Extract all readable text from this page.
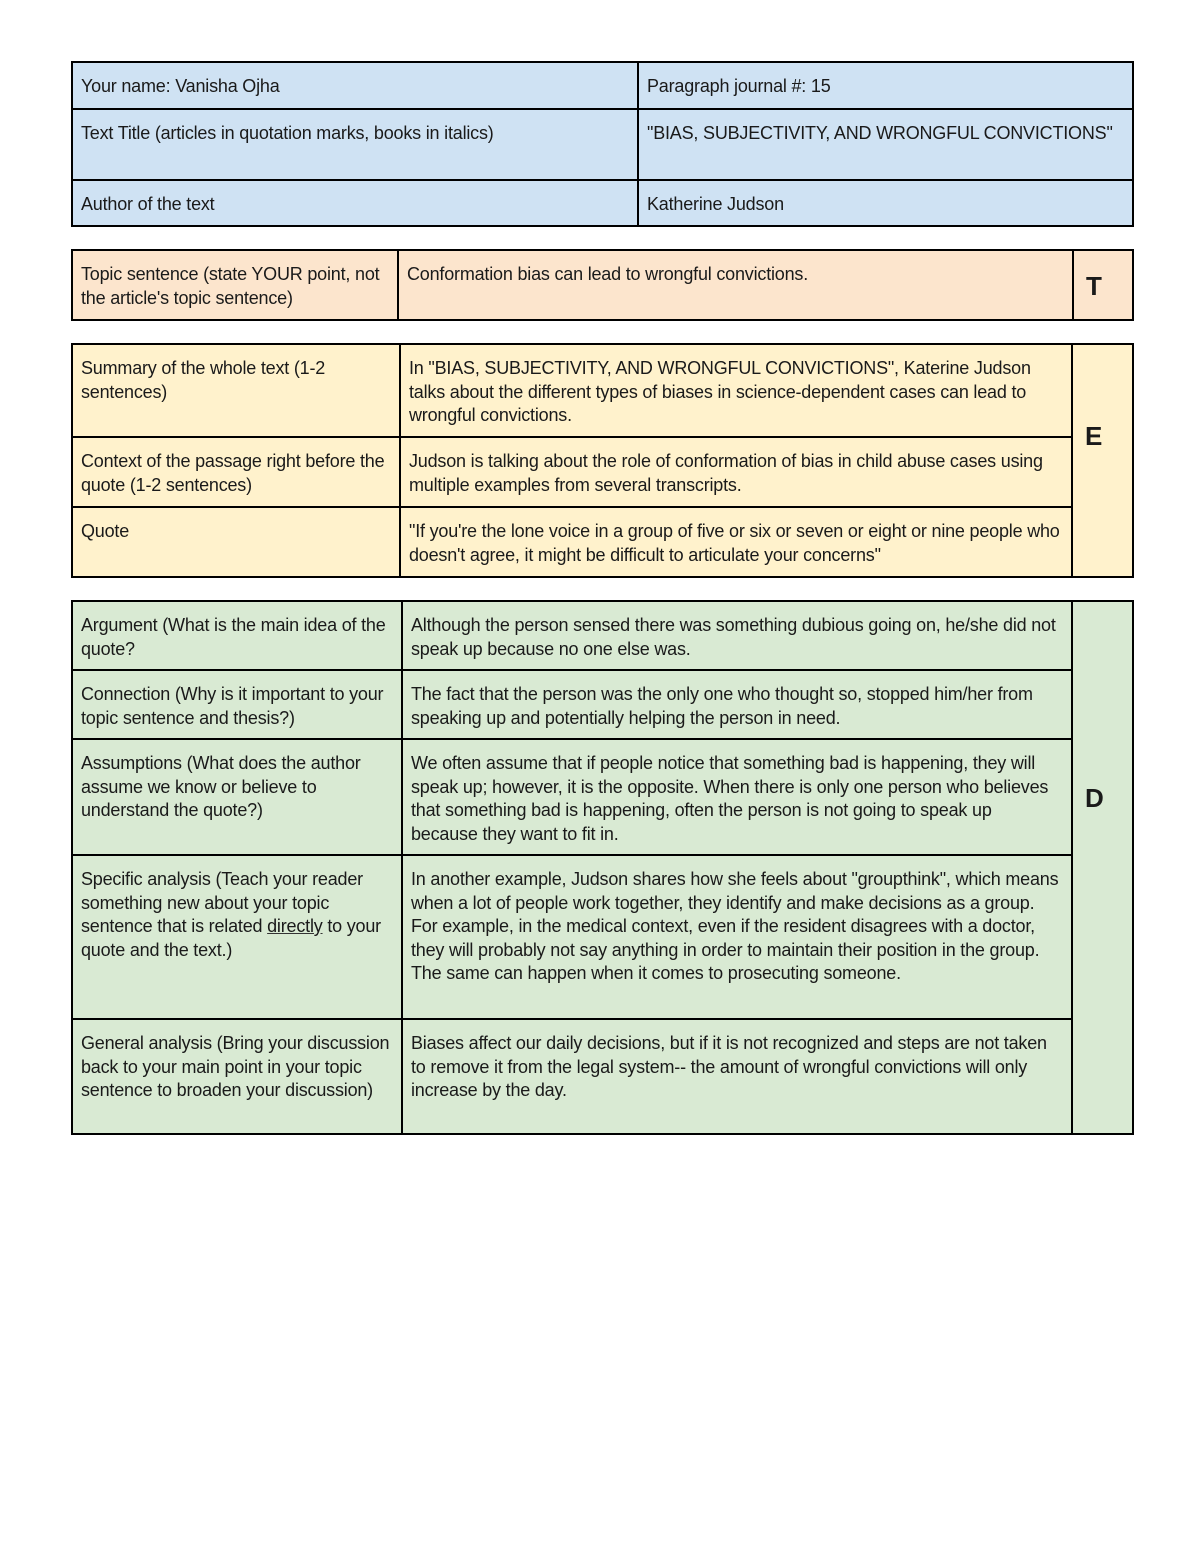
Your name: Vanisha Ojha	Paragraph journal #: 15
Text Title (articles in quotation marks, books in italics)	"BIAS, SUBJECTIVITY, AND WRONGFUL CONVICTIONS"
Author of the text	Katherine Judson
Topic sentence (state YOUR point, not the article's topic sentence)	Conformation bias can lead to wrongful convictions.	T
Summary of the whole text (1-2 sentences)	In "BIAS, SUBJECTIVITY, AND WRONGFUL CONVICTIONS", Katerine Judson talks about the different types of biases in science-dependent cases can lead to wrongful convictions.	E
Context of the passage right before the quote (1-2 sentences)	Judson is talking about the role of conformation of bias in child abuse cases using multiple examples from several transcripts.	
Quote	"If you're the lone voice in a group of five or six or seven or eight or nine people who doesn't agree, it might be difficult to articulate your concerns"	
Argument (What is the main idea of the quote?	Although the person sensed there was something dubious going on, he/she did not speak up because no one else was.	D
Connection (Why is it important to your topic sentence and thesis?)	The fact that the person was the only one who thought so, stopped him/her from speaking up and potentially helping the person in need.	
Assumptions (What does the author assume we know or believe to understand the quote?)	We often assume that if people notice that something bad is happening, they will speak up; however, it is the opposite. When there is only one person who believes that something bad is happening, often the person is not going to speak up because they want to fit in.	
Specific analysis (Teach your reader something new about your topic sentence that is related directly to your quote and the text.)	In another example, Judson shares how she feels about "groupthink", which means when a lot of people work together, they identify and make decisions as a group. For example, in the medical context, even if the resident disagrees with a doctor, they will probably not say anything in order to maintain their position in the group. The same can happen when it comes to prosecuting someone.	
General analysis (Bring your discussion back to your main point in your topic sentence to broaden your discussion)	Biases affect our daily decisions, but if it is not recognized and steps are not taken to remove it from the legal system-- the amount of wrongful convictions will only increase by the day.	
